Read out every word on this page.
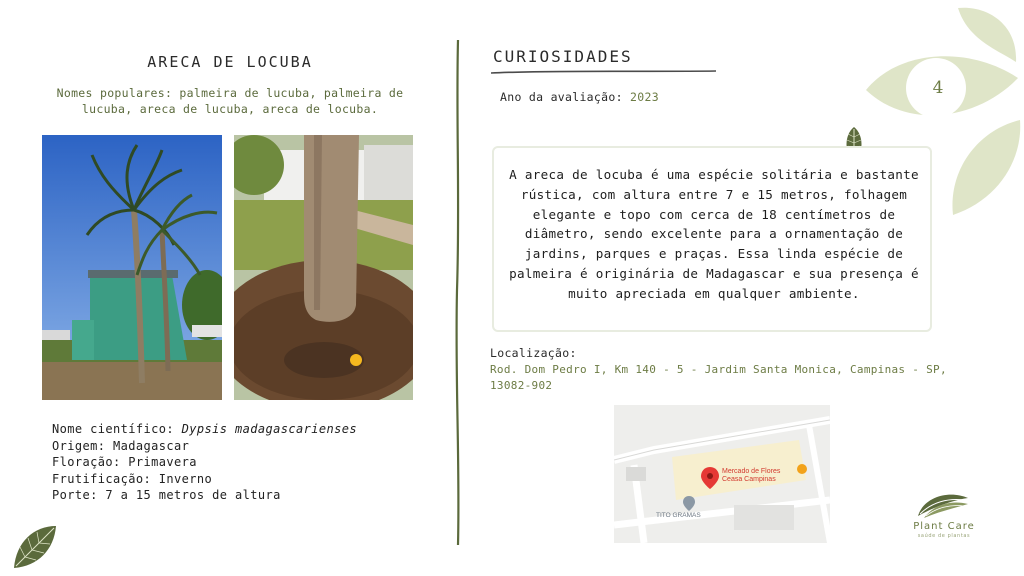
4
ARECA DE LOCUBA
Nomes populares: palmeira de lucuba, palmeira de lucuba, areca de lucuba, areca de locuba.
Nome científico: Dypsis madagascarienses
Origem: Madagascar
Floração: Primavera
Frutificação: Inverno
Porte: 7 a 15 metros de altura
CURIOSIDADES
Ano da avaliação: 2023
A areca de locuba é uma espécie solitária e bastante rústica, com altura entre 7 e 15 metros, folhagem elegante e topo com cerca de 18 centímetros de diâmetro, sendo excelente para a ornamentação de jardins, parques e praças. Essa linda espécie de palmeira é originária de Madagascar e sua presença é muito apreciada em qualquer ambiente.
Localização:
Rod. Dom Pedro I, Km 140 - 5 - Jardim Santa Monica, Campinas - SP, 13082-902
Mercado de Flores
Ceasa Campinas
TITO GRAMAS
Plant Care
saúde de plantas
